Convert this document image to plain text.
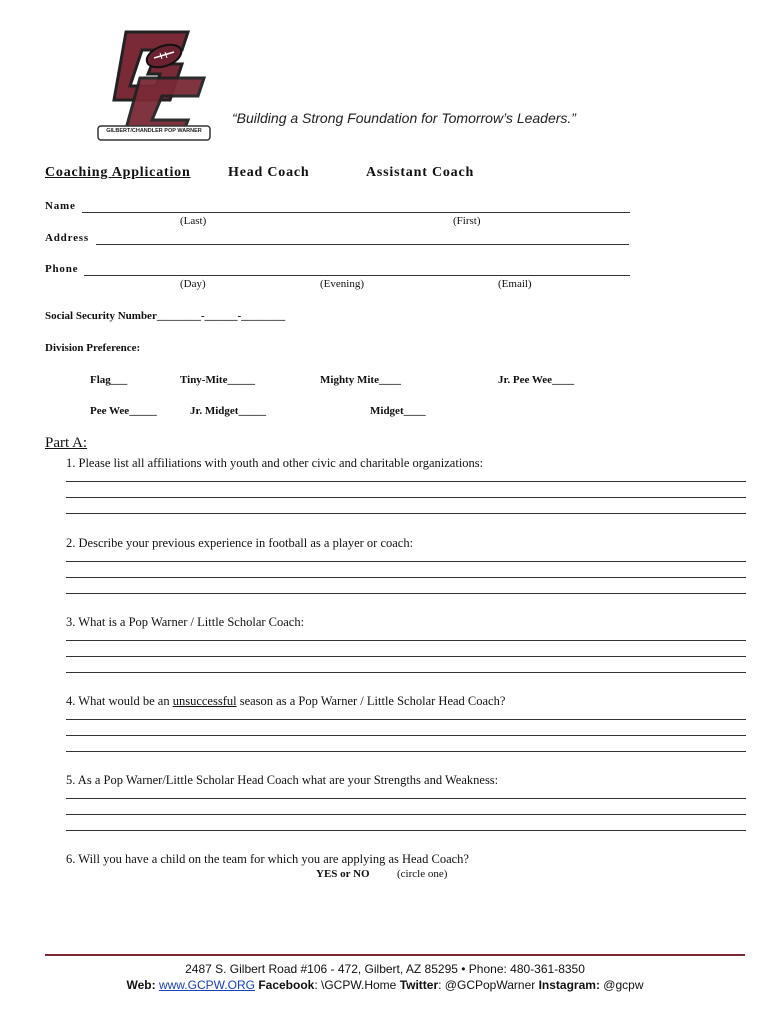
GILBERT/CHANDLER POP WARNER
“Building a Strong Foundation for Tomorrow’s Leaders.”
Coaching Application	Head Coach	Assistant Coach
Name
(Last)	(First)
Address
Phone
(Day)	(Evening)	(Email)
Social Security Number________-______-________
Division Preference:
Flag___	Tiny-Mite_____	Mighty Mite____	Jr. Pee Wee____
Pee Wee_____	Jr. Midget_____	Midget____
Part A:
1. Please list all affiliations with youth and other civic and charitable organizations:
2. Describe your previous experience in football as a player or coach:
3. What is a Pop Warner / Little Scholar Coach:
4. What would be an unsuccessful season as a Pop Warner / Little Scholar Head Coach?
5. As a Pop Warner/Little Scholar Head Coach what are your Strengths and Weakness:
6. Will you have a child on the team for which you are applying as Head Coach?
YES or NO (circle one)
2487 S. Gilbert Road #106 - 472, Gilbert, AZ 85295 • Phone: 480-361-8350
Web: www.GCPW.ORG Facebook: \GCPW.Home Twitter: @GCPopWarner Instagram: @gcpw
